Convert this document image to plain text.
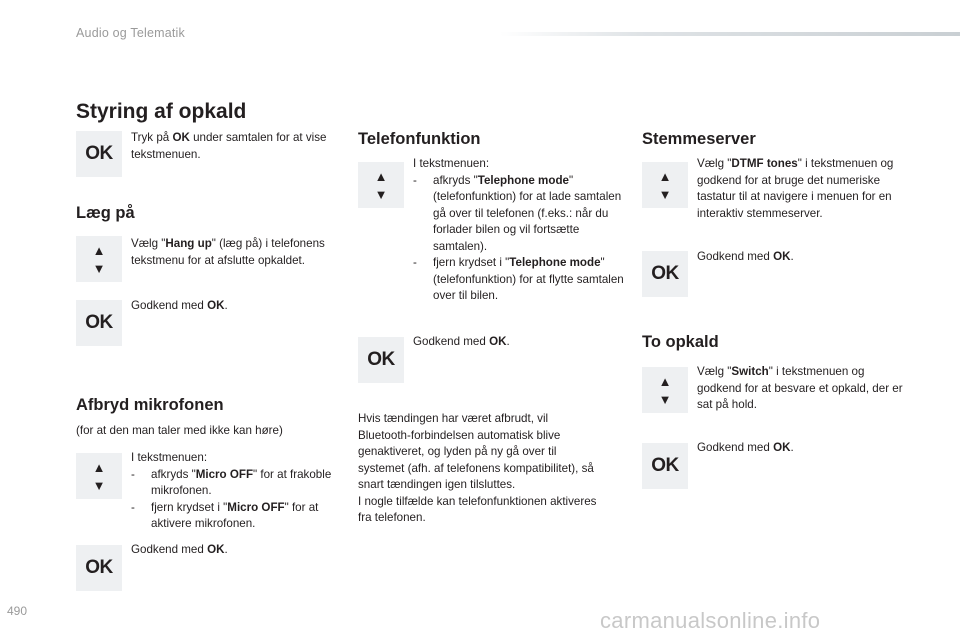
Audio og Telematik
Styring af opkald
OK
Tryk på OK under samtalen for at vise tekstmenuen.
Læg på
▲
▼
Vælg "Hang up" (læg på) i telefonens tekstmenu for at afslutte opkaldet.
OK
Godkend med OK.
Afbryd mikrofonen
(for at den man taler med ikke kan høre)
▲
▼
I tekstmenuen:
- afkryds "Micro OFF" for at frakoble mikrofonen.
- fjern krydset i "Micro OFF" for at aktivere mikrofonen.
OK
Godkend med OK.
Telefonfunktion
▲
▼
I tekstmenuen:
- afkryds "Telephone mode" (telefonfunktion) for at lade samtalen gå over til telefonen (f.eks.: når du forlader bilen og vil fortsætte samtalen).
- fjern krydset i "Telephone mode" (telefonfunktion) for at flytte samtalen over til bilen.
OK
Godkend med OK.
Hvis tændingen har været afbrudt, vil
Bluetooth-forbindelsen automatisk blive
genaktiveret, og lyden på ny gå over til
systemet (afh. af telefonens kompatibilitet), så
snart tændingen igen tilsluttes.
I nogle tilfælde kan telefonfunktionen aktiveres
fra telefonen.
Stemmeserver
▲
▼
Vælg "DTMF tones" i tekstmenuen og godkend for at bruge det numeriske tastatur til at navigere i menuen for en interaktiv stemmeserver.
OK
Godkend med OK.
To opkald
▲
▼
Vælg "Switch" i tekstmenuen og godkend for at besvare et opkald, der er sat på hold.
OK
Godkend med OK.
490	carmanualsonline.info
